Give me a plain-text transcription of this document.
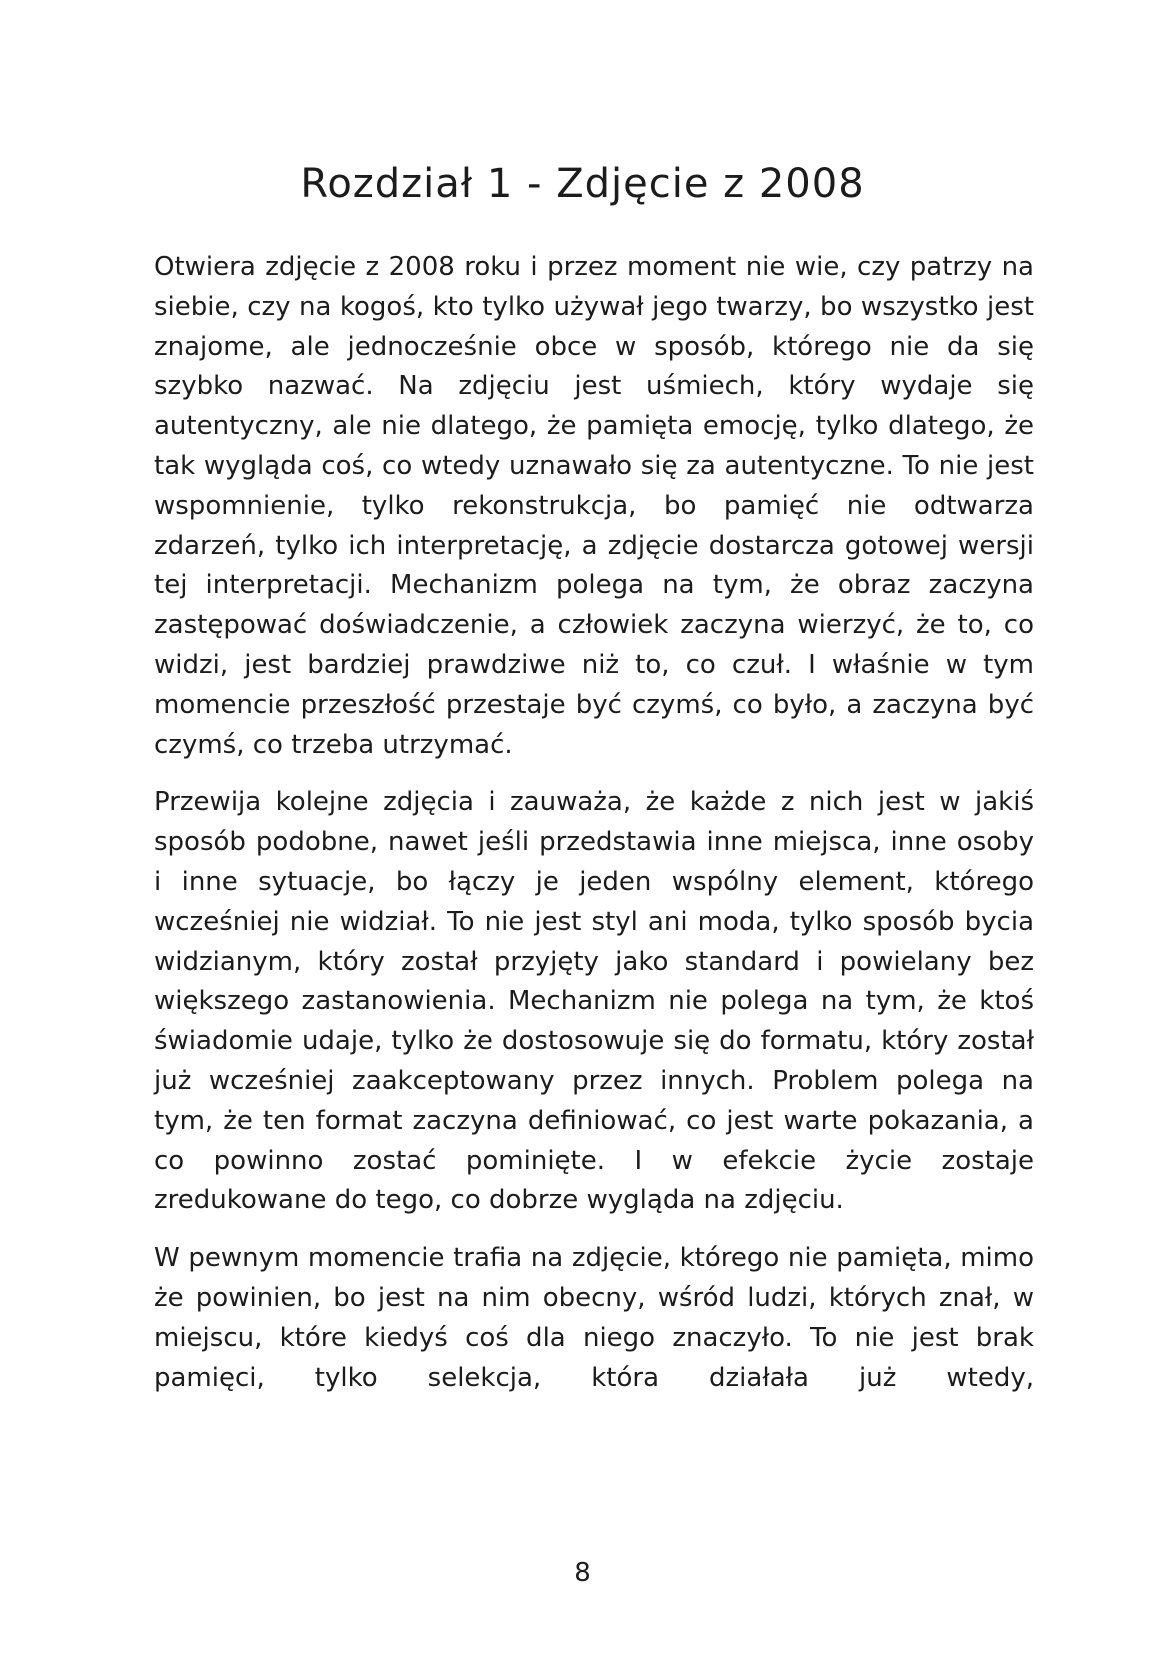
Rozdział 1 - Zdjęcie z 2008

Otwiera zdjęcie z 2008 roku i przez moment nie wie, czy patrzy na siebie, czy na kogoś, kto tylko używał jego twarzy, bo wszystko jest znajome, ale jednocześnie obce w sposób, którego nie da się szybko nazwać. Na zdjęciu jest uśmiech, który wydaje się autentyczny, ale nie dlatego, że pamięta emocję, tylko dlatego, że tak wygląda coś, co wtedy uznawało się za autentyczne. To nie jest wspomnienie, tylko rekonstrukcja, bo pamięć nie odtwarza zdarzeń, tylko ich interpretację, a zdjęcie dostarcza gotowej wersji tej interpretacji. Mechanizm polega na tym, że obraz zaczyna zastępować doświadczenie, a człowiek zaczyna wierzyć, że to, co widzi, jest bardziej prawdziwe niż to, co czuł. I właśnie w tym momencie przeszłość przestaje być czymś, co było, a zaczyna być czymś, co trzeba utrzymać.

Przewija kolejne zdjęcia i zauważa, że każde z nich jest w jakiś sposób podobne, nawet jeśli przedstawia inne miejsca, inne osoby i inne sytuacje, bo łączy je jeden wspólny element, którego wcześniej nie widział. To nie jest styl ani moda, tylko sposób bycia widzianym, który został przyjęty jako standard i powielany bez większego zastanowienia. Mechanizm nie polega na tym, że ktoś świadomie udaje, tylko że dostosowuje się do formatu, który został już wcześniej zaakceptowany przez innych. Problem polega na tym, że ten format zaczyna definiować, co jest warte pokazania, a co powinno zostać pominięte. I w efekcie życie zostaje zredukowane do tego, co dobrze wygląda na zdjęciu.

W pewnym momencie trafia na zdjęcie, którego nie pamięta, mimo że powinien, bo jest na nim obecny, wśród ludzi, których znał, w miejscu, które kiedyś coś dla niego znaczyło. To nie jest brak pamięci, tylko selekcja, która działała już wtedy,

8
